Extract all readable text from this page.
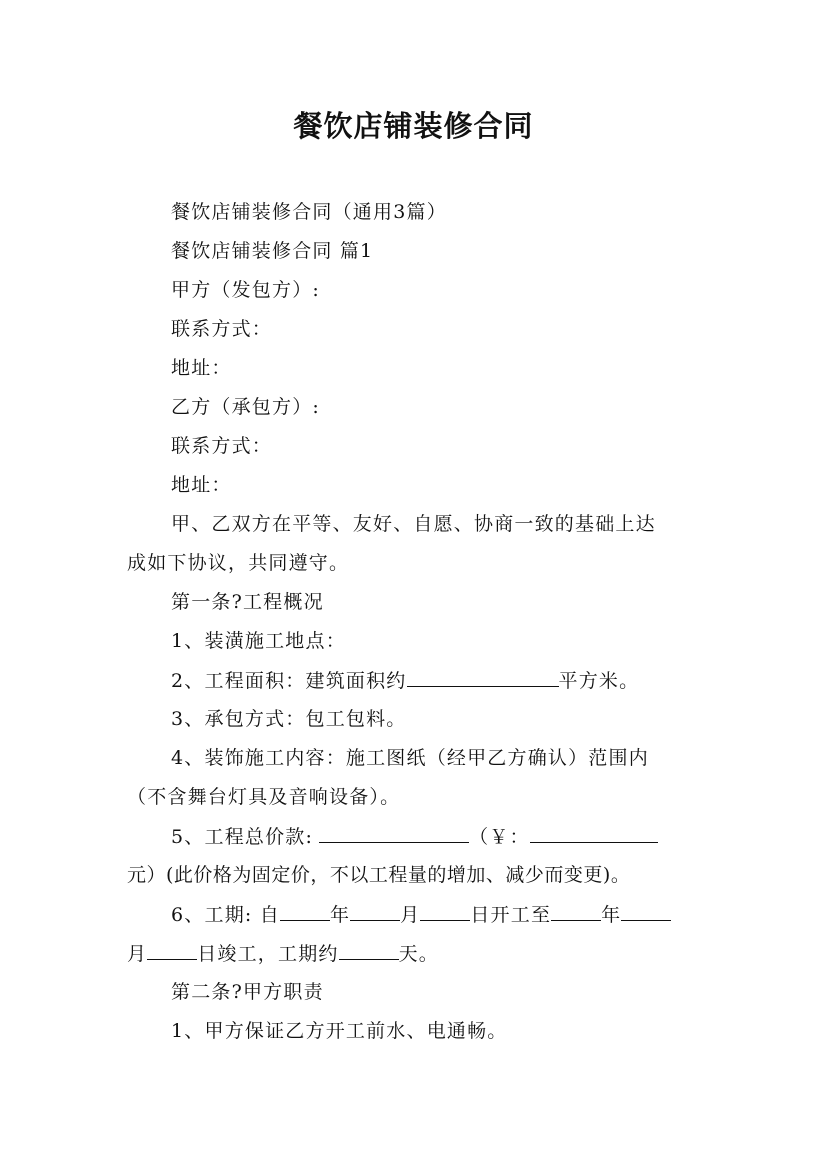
餐饮店铺装修合同
餐饮店铺装修合同（通用3篇）
餐饮店铺装修合同 篇1
甲方（发包方）:
联系方式：
地址：
乙方（承包方）:
联系方式：
地址：
甲、乙双方在平等、友好、自愿、协商一致的基础上达
成如下协议，共同遵守。
第一条?工程概况
1、装潢施工地点：
2、工程面积：建筑面积约	平方米。
3、承包方式：包工包料。
4、装饰施工内容：施工图纸（经甲乙方确认）范围内
（不含舞台灯具及音响设备）。
5、工程总价款:	（￥：
元）(此价格为固定价，不以工程量的增加、减少而变更)。
6、工期: 自	年	月	日开工至	年
月	日竣工，工期约	天。
第二条?甲方职责
1、甲方保证乙方开工前水、电通畅。
